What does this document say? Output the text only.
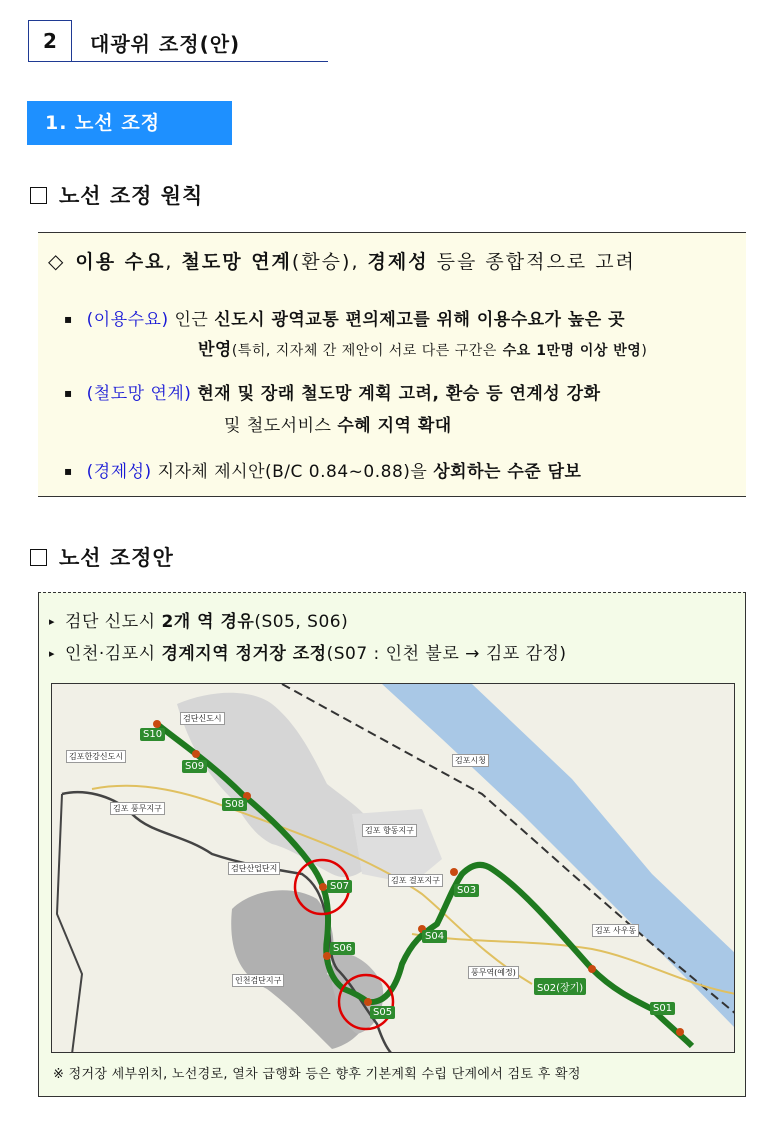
2	대광위 조정(안)
1. 노선 조정
노선 조정 원칙
◇ 이용 수요, 철도망 연계(환승), 경제성 등을 종합적으로 고려
▪ (이용수요) 인근 신도시 광역교통 편의제고를 위해 이용수요가 높은 곳
반영(특히, 지자체 간 제안이 서로 다른 구간은 수요 1만명 이상 반영)
▪ (철도망 연계) 현재 및 장래 철도망 계획 고려, 환승 등 연계성 강화
및 철도서비스 수혜 지역 확대
▪ (경제성) 지자체 제시안(B/C 0.84~0.88)을 상회하는 수준 담보
노선 조정안
▸ 검단 신도시 2개 역 경유(S05, S06)
▸ 인천·김포시 경계지역 정거장 조정(S07 : 인천 불로 → 김포 감정)
S10
S09
S08
S07
S06
S05
S04
S03
S02(장기)
S01
검단신도시
김포한강신도시
김포 풍무지구
김포시청
검단산업단지
인천검단지구
김포 걸포지구
김포 향동지구
김포 사우동
풍무역(예정)
※ 정거장 세부위치, 노선경로, 열차 급행화 등은 향후 기본계획 수립 단계에서 검토 후 확정
